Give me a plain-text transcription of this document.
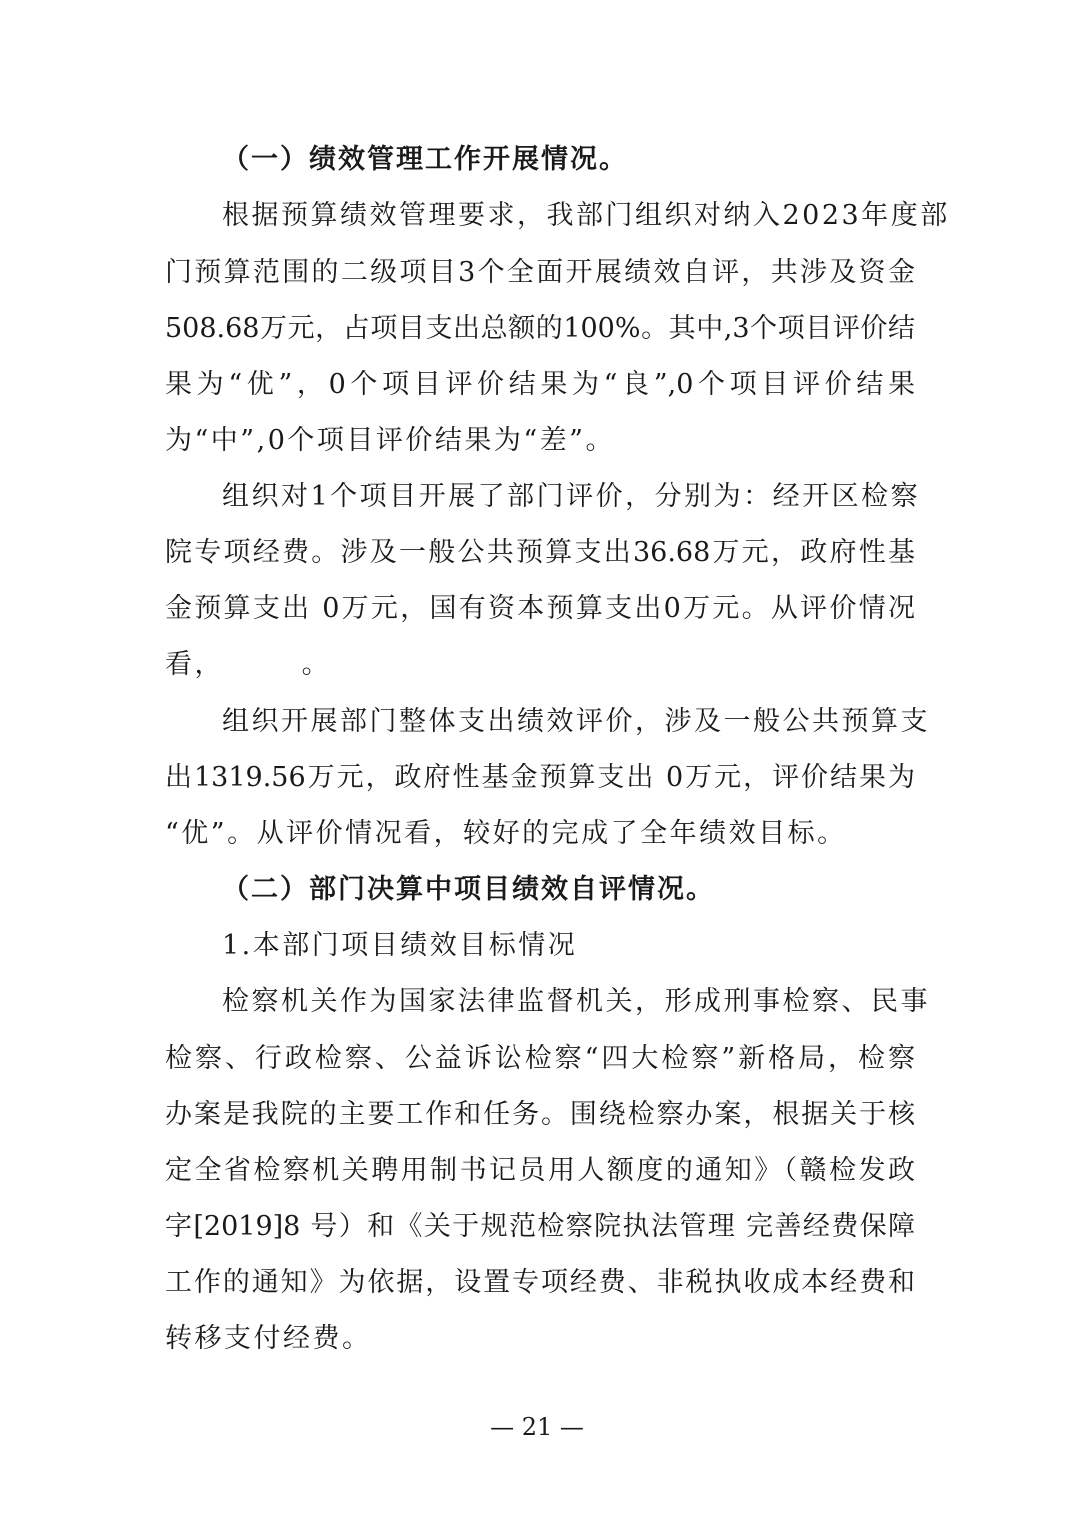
（一）绩效管理工作开展情况。
根据预算绩效管理要求，我部门组织对纳入2023年度部
门预算范围的二级项目3个全面开展绩效自评，共涉及资金
508.68万元，占项目支出总额的100%。其中,3个项目评价结
果为“优”，0个项目评价结果为“良”,0个项目评价结果
为“中”,0个项目评价结果为“差”。
组织对1个项目开展了部门评价，分别为：经开区检察
院专项经费。涉及一般公共预算支出36.68万元，政府性基
金预算支出 0万元，国有资本预算支出0万元。从评价情况
看，       。
组织开展部门整体支出绩效评价，涉及一般公共预算支
出1319.56万元，政府性基金预算支出 0万元，评价结果为
“优”。从评价情况看，较好的完成了全年绩效目标。
（二）部门决算中项目绩效自评情况。
1.本部门项目绩效目标情况
检察机关作为国家法律监督机关，形成刑事检察、民事
检察、行政检察、公益诉讼检察“四大检察”新格局，检察
办案是我院的主要工作和任务。围绕检察办案，根据关于核
定全省检察机关聘用制书记员用人额度的通知》（赣检发政
字[2019]8 号）和《关于规范检察院执法管理 完善经费保障
工作的通知》为依据，设置专项经费、非税执收成本经费和
转移支付经费。
— 21 —
